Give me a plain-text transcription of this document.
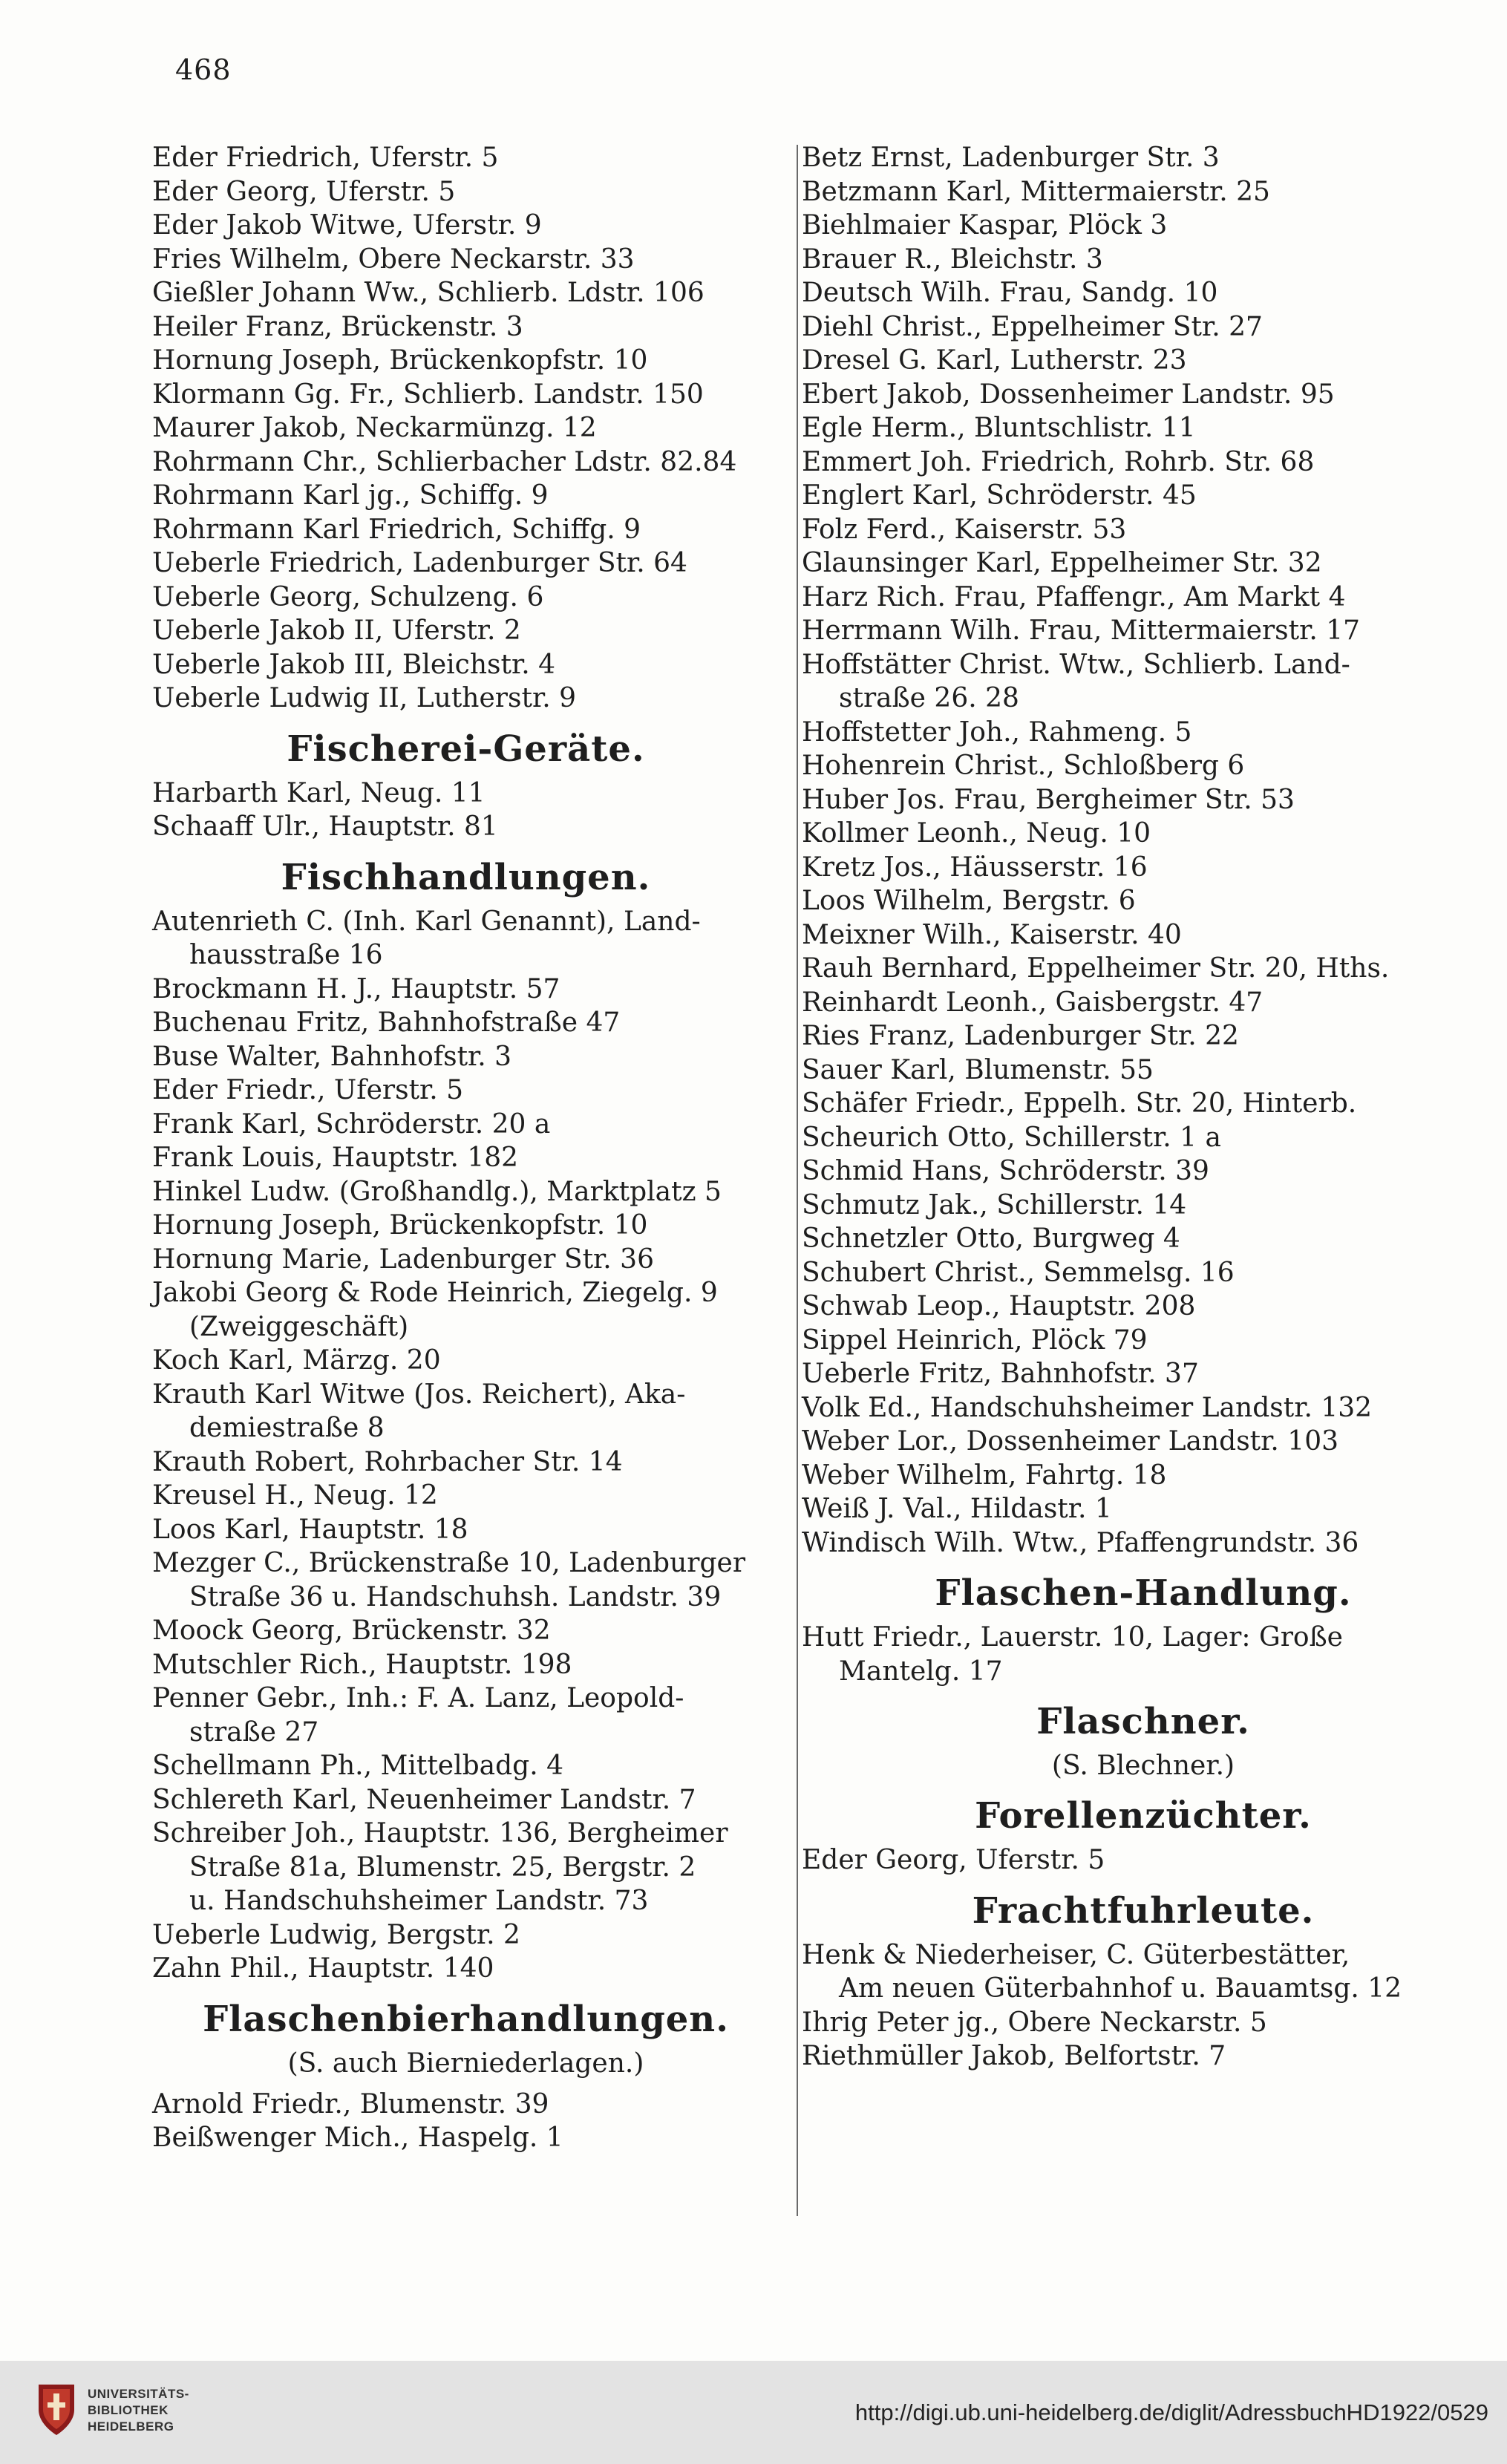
468
Eder Friedrich, Uferstr. 5
Eder Georg, Uferstr. 5
Eder Jakob Witwe, Uferstr. 9
Fries Wilhelm, Obere Neckarstr. 33
Gießler Johann Ww., Schlierb. Ldstr. 106
Heiler Franz, Brückenstr. 3
Hornung Joseph, Brückenkopfstr. 10
Klormann Gg. Fr., Schlierb. Landstr. 150
Maurer Jakob, Neckarmünzg. 12
Rohrmann Chr., Schlierbacher Ldstr. 82.84
Rohrmann Karl jg., Schiffg. 9
Rohrmann Karl Friedrich, Schiffg. 9
Ueberle Friedrich, Ladenburger Str. 64
Ueberle Georg, Schulzeng. 6
Ueberle Jakob II, Uferstr. 2
Ueberle Jakob III, Bleichstr. 4
Ueberle Ludwig II, Lutherstr. 9
Fischerei-Geräte.
Harbarth Karl, Neug. 11
Schaaff Ulr., Hauptstr. 81
Fischhandlungen.
Autenrieth C. (Inh. Karl Genannt), Land-
hausstraße 16
Brockmann H. J., Hauptstr. 57
Buchenau Fritz, Bahnhofstraße 47
Buse Walter, Bahnhofstr. 3
Eder Friedr., Uferstr. 5
Frank Karl, Schröderstr. 20 a
Frank Louis, Hauptstr. 182
Hinkel Ludw. (Großhandlg.), Marktplatz 5
Hornung Joseph, Brückenkopfstr. 10
Hornung Marie, Ladenburger Str. 36
Jakobi Georg & Rode Heinrich, Ziegelg. 9
(Zweiggeschäft)
Koch Karl, Märzg. 20
Krauth Karl Witwe (Jos. Reichert), Aka-
demiestraße 8
Krauth Robert, Rohrbacher Str. 14
Kreusel H., Neug. 12
Loos Karl, Hauptstr. 18
Mezger C., Brückenstraße 10, Ladenburger
Straße 36 u. Handschuhsh. Landstr. 39
Moock Georg, Brückenstr. 32
Mutschler Rich., Hauptstr. 198
Penner Gebr., Inh.: F. A. Lanz, Leopold-
straße 27
Schellmann Ph., Mittelbadg. 4
Schlereth Karl, Neuenheimer Landstr. 7
Schreiber Joh., Hauptstr. 136, Bergheimer
Straße 81a, Blumenstr. 25, Bergstr. 2
u. Handschuhsheimer Landstr. 73
Ueberle Ludwig, Bergstr. 2
Zahn Phil., Hauptstr. 140
Flaschenbierhandlungen.
(S. auch Bierniederlagen.)
Arnold Friedr., Blumenstr. 39
Beißwenger Mich., Haspelg. 1
Betz Ernst, Ladenburger Str. 3
Betzmann Karl, Mittermaierstr. 25
Biehlmaier Kaspar, Plöck 3
Brauer R., Bleichstr. 3
Deutsch Wilh. Frau, Sandg. 10
Diehl Christ., Eppelheimer Str. 27
Dresel G. Karl, Lutherstr. 23
Ebert Jakob, Dossenheimer Landstr. 95
Egle Herm., Bluntschlistr. 11
Emmert Joh. Friedrich, Rohrb. Str. 68
Englert Karl, Schröderstr. 45
Folz Ferd., Kaiserstr. 53
Glaunsinger Karl, Eppelheimer Str. 32
Harz Rich. Frau, Pfaffengr., Am Markt 4
Herrmann Wilh. Frau, Mittermaierstr. 17
Hoffstätter Christ. Wtw., Schlierb. Land-
straße 26. 28
Hoffstetter Joh., Rahmeng. 5
Hohenrein Christ., Schloßberg 6
Huber Jos. Frau, Bergheimer Str. 53
Kollmer Leonh., Neug. 10
Kretz Jos., Häusserstr. 16
Loos Wilhelm, Bergstr. 6
Meixner Wilh., Kaiserstr. 40
Rauh Bernhard, Eppelheimer Str. 20, Hths.
Reinhardt Leonh., Gaisbergstr. 47
Ries Franz, Ladenburger Str. 22
Sauer Karl, Blumenstr. 55
Schäfer Friedr., Eppelh. Str. 20, Hinterb.
Scheurich Otto, Schillerstr. 1 a
Schmid Hans, Schröderstr. 39
Schmutz Jak., Schillerstr. 14
Schnetzler Otto, Burgweg 4
Schubert Christ., Semmelsg. 16
Schwab Leop., Hauptstr. 208
Sippel Heinrich, Plöck 79
Ueberle Fritz, Bahnhofstr. 37
Volk Ed., Handschuhsheimer Landstr. 132
Weber Lor., Dossenheimer Landstr. 103
Weber Wilhelm, Fahrtg. 18
Weiß J. Val., Hildastr. 1
Windisch Wilh. Wtw., Pfaffengrundstr. 36
Flaschen-Handlung.
Hutt Friedr., Lauerstr. 10, Lager: Große
Mantelg. 17
Flaschner.
(S. Blechner.)
Forellenzüchter.
Eder Georg, Uferstr. 5
Frachtfuhrleute.
Henk & Niederheiser, C. Güterbestätter,
Am neuen Güterbahnhof u. Bauamtsg. 12
Ihrig Peter jg., Obere Neckarstr. 5
Riethmüller Jakob, Belfortstr. 7
UNIVERSITÄTS-
BIBLIOTHEK
HEIDELBERG
http://digi.ub.uni-heidelberg.de/diglit/AdressbuchHD1922/0529
